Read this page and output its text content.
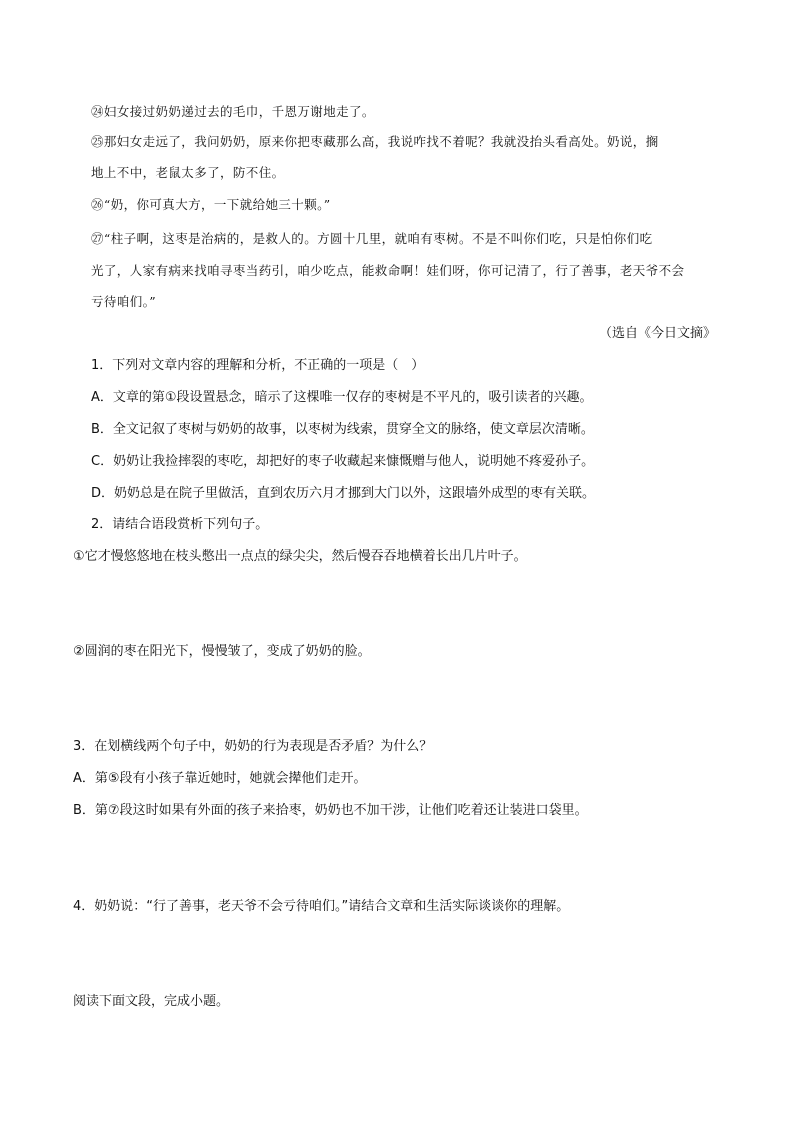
㉔妇女接过奶奶递过去的毛巾，千恩万谢地走了。
㉕那妇女走远了，我问奶奶，原来你把枣藏那么高，我说咋找不着呢？我就没抬头看高处。奶说，搁
地上不中，老鼠太多了，防不住。
㉖“奶，你可真大方，一下就给她三十颗。”
㉗“柱子啊，这枣是治病的，是救人的。方圆十几里，就咱有枣树。不是不叫你们吃，只是怕你们吃
光了，人家有病来找咱寻枣当药引，咱少吃点，能救命啊！娃们呀，你可记清了，行了善事，老天爷不会
亏待咱们。”
（选自《今日文摘》
1．下列对文章内容的理解和分析，不正确的一项是（　）
A．文章的第①段设置悬念，暗示了这棵唯一仅存的枣树是不平凡的，吸引读者的兴趣。
B．全文记叙了枣树与奶奶的故事，以枣树为线索，贯穿全文的脉络，使文章层次清晰。
C．奶奶让我捡摔裂的枣吃，却把好的枣子收藏起来慷慨赠与他人，说明她不疼爱孙子。
D．奶奶总是在院子里做活，直到农历六月才挪到大门以外，这跟墙外成型的枣有关联。
2．请结合语段赏析下列句子。
①它才慢悠悠地在枝头憋出一点点的绿尖尖，然后慢吞吞地横着长出几片叶子。
②圆润的枣在阳光下，慢慢皱了，变成了奶奶的脸。
3．在划横线两个句子中，奶奶的行为表现是否矛盾？为什么？
A．第⑤段有小孩子靠近她时，她就会撵他们走开。
B．第⑦段这时如果有外面的孩子来拾枣，奶奶也不加干涉，让他们吃着还让装进口袋里。
4．奶奶说：“行了善事，老天爷不会亏待咱们。”请结合文章和生活实际谈谈你的理解。
阅读下面文段，完成小题。
